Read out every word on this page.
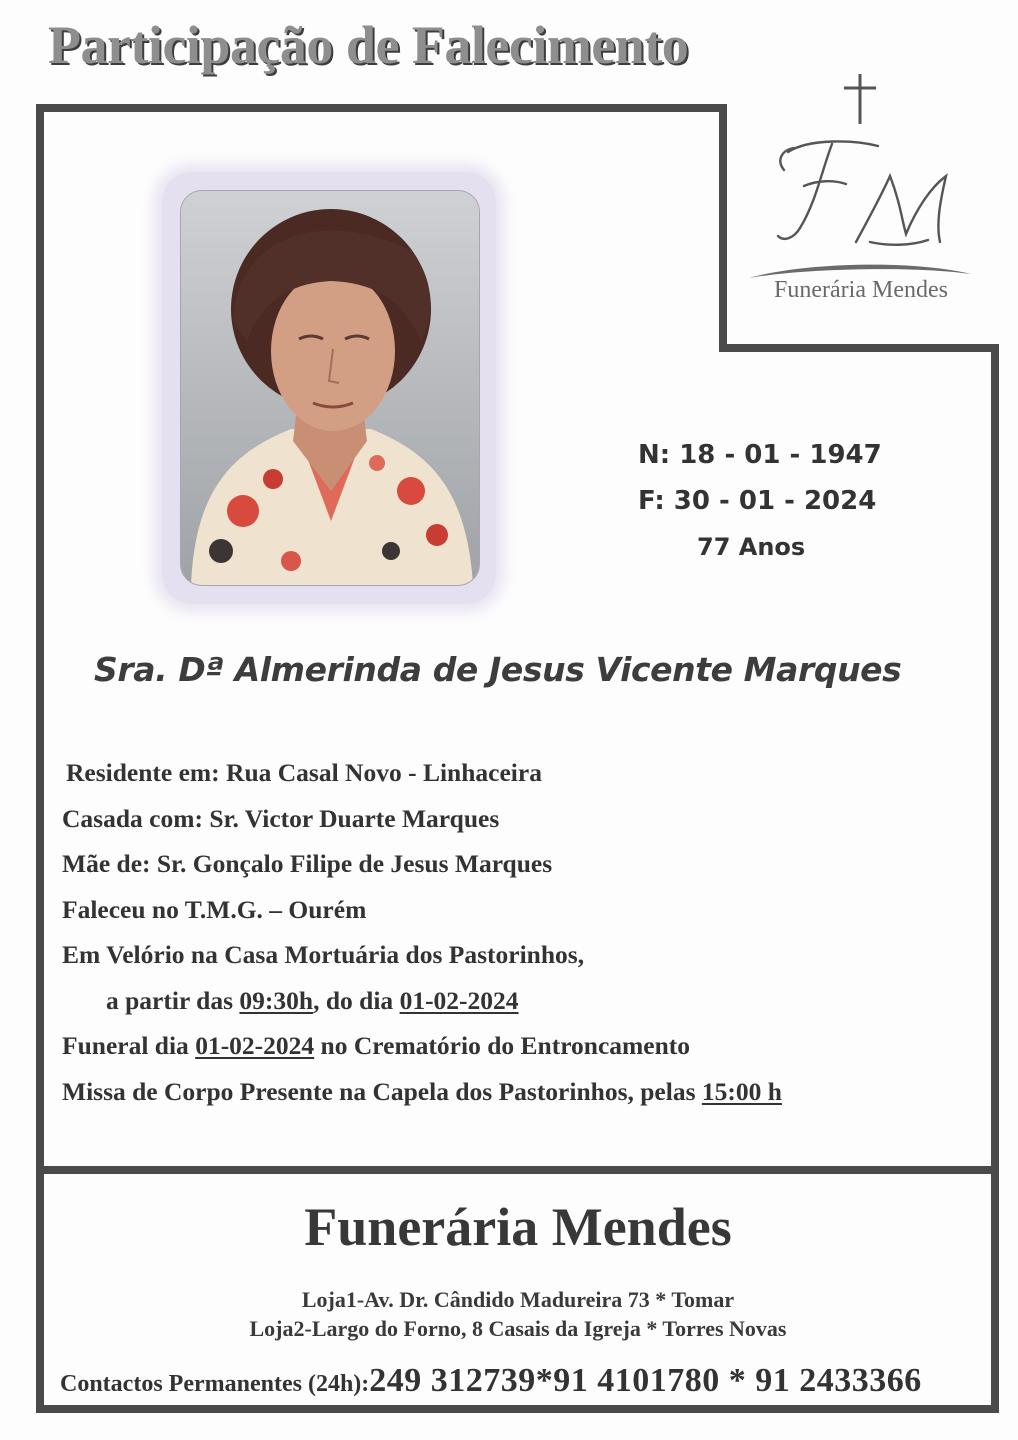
Participação de Falecimento
Funerária Mendes
N: 18 - 01 - 1947
F: 30 - 01 - 2024
77 Anos
Sra. Dª Almerinda de Jesus Vicente Marques
Residente em: Rua Casal Novo - Linhaceira
Casada com: Sr. Victor Duarte Marques
Mãe de: Sr. Gonçalo Filipe de Jesus Marques
Faleceu no T.M.G. – Ourém
Em Velório na Casa Mortuária dos Pastorinhos,
a partir das 09:30h, do dia 01-02-2024
Funeral dia 01-02-2024 no Crematório do Entroncamento
Missa de Corpo Presente na Capela dos Pastorinhos, pelas 15:00 h
Funerária Mendes
Loja1-Av. Dr. Cândido Madureira 73 * Tomar
Loja2-Largo do Forno, 8 Casais da Igreja * Torres Novas
Contactos Permanentes (24h):249 312739*91 4101780 * 91 2433366
